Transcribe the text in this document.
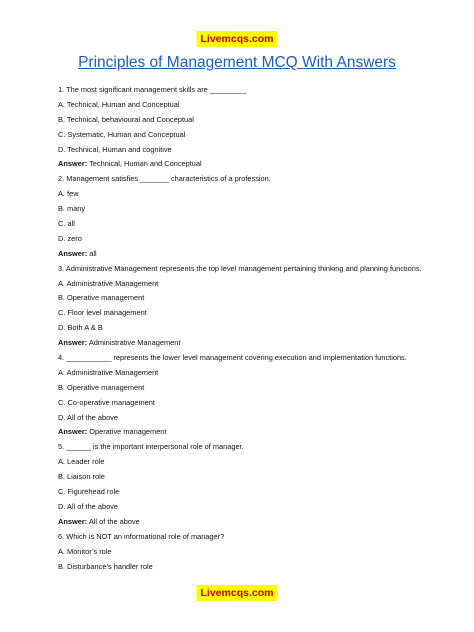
Livemcqs.com
Principles of Management MCQ With Answers
1. The most significant management skills are _________
A. Technical, Human and Conceptual
B. Technical, behavioural and Conceptual
C. Systematic, Human and Conceptual
D. Technical, Human and cognitive
Answer: Technical, Human and Conceptual
2. Management satisfies _______ characteristics of a profession.
A. few
B. many
C. all
D. zero
Answer: all
3. Administrative Management represents the top level management pertaining thinking and planning functions.
A. Administrative Management
B. Operative management
C. Floor level management
D. Both A & B
Answer: Administrative Management
4. ___________ represents the lower level management covering execution and implementation functions.
A. Administrative Management
B. Operative management
C. Co-operative management
D. All of the above
Answer: Operative management
5. ______ is the important interpersonal role of manager.
A. Leader role
B. Liaison role
C. Figurehead role
D. All of the above
Answer: All of the above
6. Which is NOT an informational role of manager?
A. Monitor’s role
B. Disturbance’s handler role
Livemcqs.com
